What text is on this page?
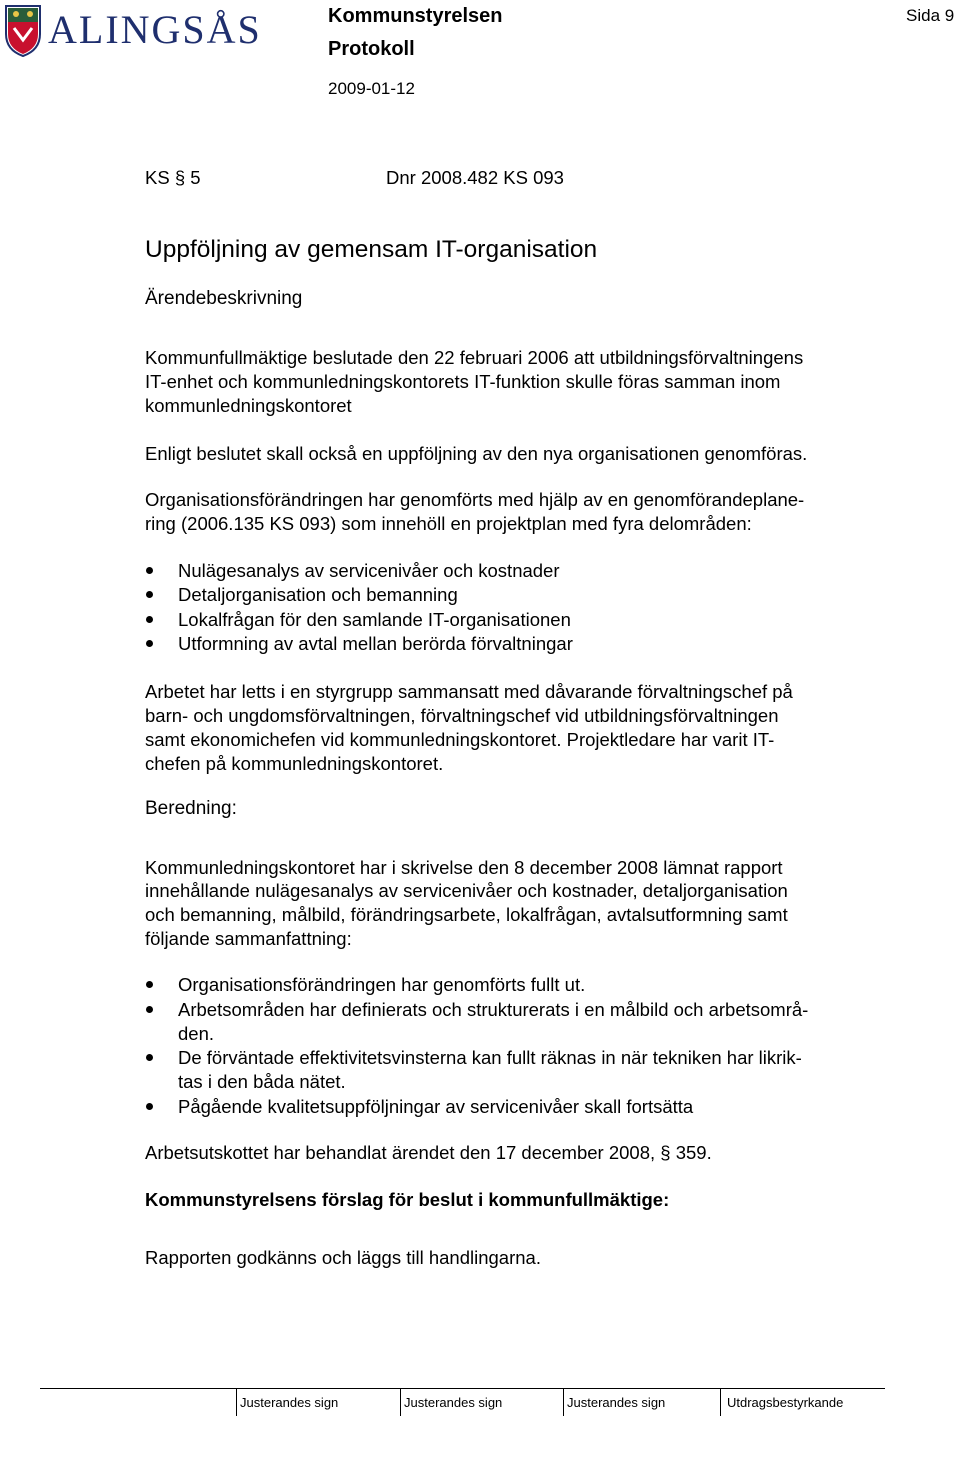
ALINGSÅS	Kommunstyrelsen
Protokoll
2009-01-12
Sida 9
KS § 5	Dnr 2008.482 KS 093
Uppföljning av gemensam IT-organisation
Ärendebeskrivning
Kommunfullmäktige beslutade den 22 februari 2006 att utbildningsförvaltningens
IT-enhet och kommunledningskontorets IT-funktion skulle föras samman inom
kommunledningskontoret
Enligt beslutet skall också en uppföljning av den nya organisationen genomföras.
Organisationsförändringen har genomförts med hjälp av en genomförandeplane-
ring (2006.135 KS 093) som innehöll en projektplan med fyra delområden:
Nulägesanalys av servicenivåer och kostnader
Detaljorganisation och bemanning
Lokalfrågan för den samlande IT-organisationen
Utformning av avtal mellan berörda förvaltningar
Arbetet har letts i en styrgrupp sammansatt med dåvarande förvaltningschef på
barn- och ungdomsförvaltningen, förvaltningschef vid utbildningsförvaltningen
samt ekonomichefen vid kommunledningskontoret. Projektledare har varit IT-
chefen på kommunledningskontoret.
Beredning:
Kommunledningskontoret har i skrivelse den 8 december 2008 lämnat rapport
innehållande nulägesanalys av servicenivåer och kostnader, detaljorganisation
och bemanning, målbild, förändringsarbete, lokalfrågan, avtalsutformning samt
följande sammanfattning:
Organisationsförändringen har genomförts fullt ut.
Arbetsområden har definierats och strukturerats i en målbild och arbetsområ-
den.
De förväntade effektivitetsvinsterna kan fullt räknas in när tekniken har likrik-
tas i den båda nätet.
Pågående kvalitetsuppföljningar av servicenivåer skall fortsätta
Arbetsutskottet har behandlat ärendet den 17 december 2008, § 359.
Kommunstyrelsens förslag för beslut i kommunfullmäktige:
Rapporten godkänns och läggs till handlingarna.
Justerandes sign	Justerandes sign	Justerandes sign	Utdragsbestyrkande
